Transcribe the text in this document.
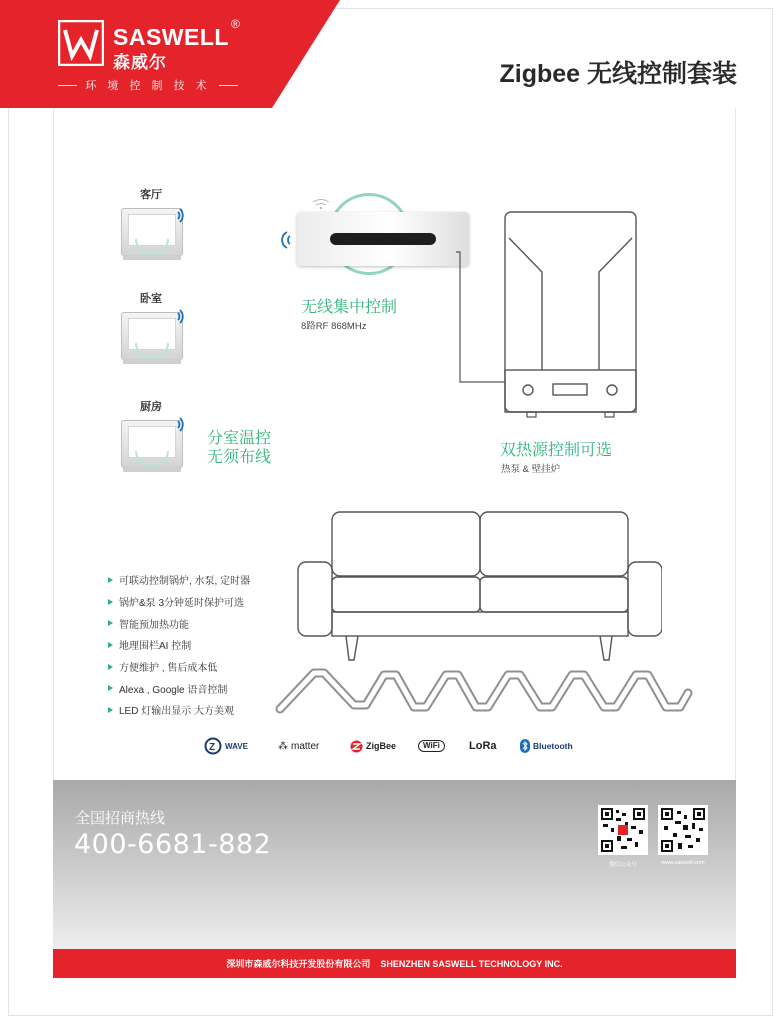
SASWELL ®
森威尔
环 境 控 制 技 术	Zigbee 无线控制套装
客厅
卧室
厨房
分室温控
无须布线
无线集中控制
8路RF 868MHz
双热源控制可选
热泵 & 壁挂炉
可联动控制锅炉, 水泵, 定时器
锅炉&泵 3分钟延时保护可选
智能预加热功能
地理围栏AI 控制
方便维护 , 售后成本低
Alexa , Google 语音控制
LED 灯输出显示 大方美观
Z WAVE	⁂ matter	ZigBee	WiFi	LoRa	Bluetooth
全国招商热线
400-6681-882
微信公众号	www.saswell.com
深圳市森威尔科技开发股份有限公司 SHENZHEN SASWELL TECHNOLOGY INC.
